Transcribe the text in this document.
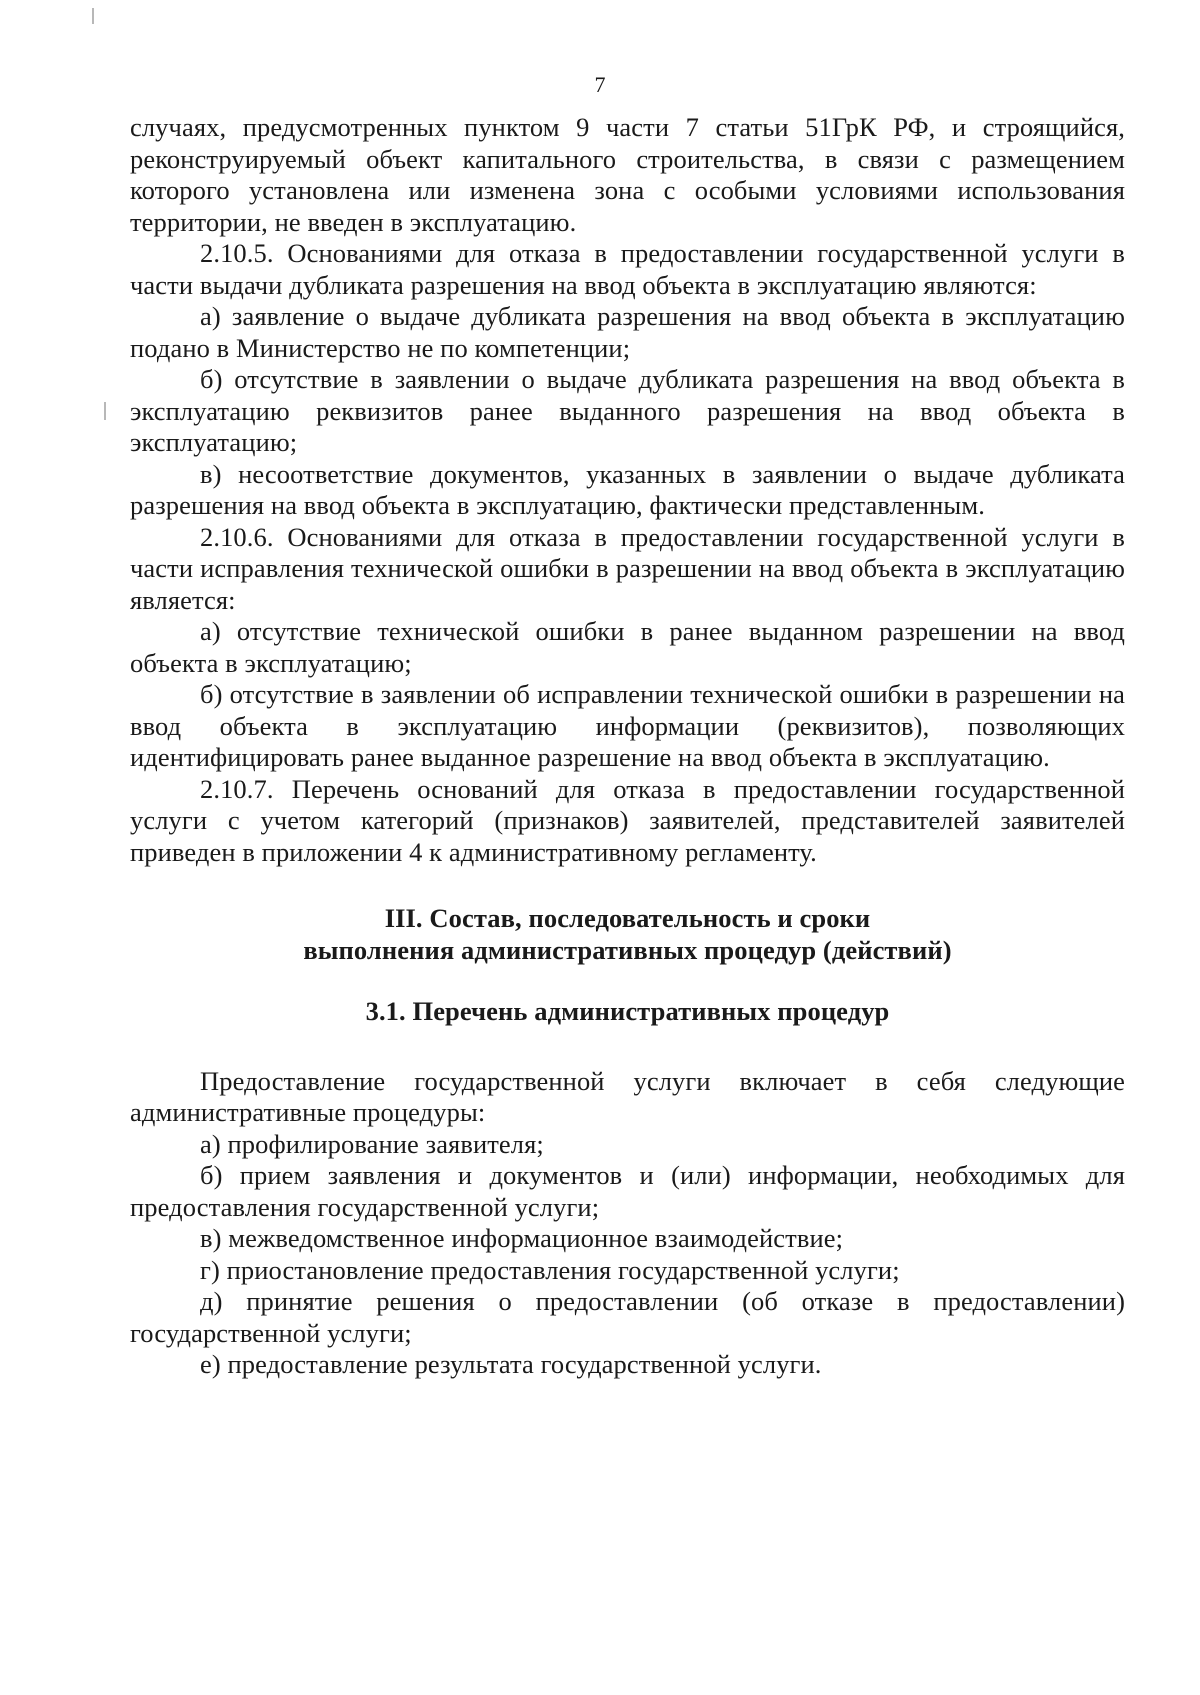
7

случаях, предусмотренных пунктом 9 части 7 статьи 51ГрК РФ, и строящийся, реконструируемый объект капитального строительства, в связи с размещением которого установлена или изменена зона с особыми условиями использования территории, не введен в эксплуатацию.

2.10.5. Основаниями для отказа в предоставлении государственной услуги в части выдачи дубликата разрешения на ввод объекта в эксплуатацию являются:

а) заявление о выдаче дубликата разрешения на ввод объекта в эксплуатацию подано в Министерство не по компетенции;

б) отсутствие в заявлении о выдаче дубликата разрешения на ввод объекта в эксплуатацию реквизитов ранее выданного разрешения на ввод объекта в эксплуатацию;

в) несоответствие документов, указанных в заявлении о выдаче дубликата разрешения на ввод объекта в эксплуатацию, фактически представленным.

2.10.6. Основаниями для отказа в предоставлении государственной услуги в части исправления технической ошибки в разрешении на ввод объекта в эксплуатацию является:

а) отсутствие технической ошибки в ранее выданном разрешении на ввод объекта в эксплуатацию;

б) отсутствие в заявлении об исправлении технической ошибки в разрешении на ввод объекта в эксплуатацию информации (реквизитов), позволяющих идентифицировать ранее выданное разрешение на ввод объекта в эксплуатацию.

2.10.7. Перечень оснований для отказа в предоставлении государственной услуги с учетом категорий (признаков) заявителей, представителей заявителей приведен в приложении 4 к административному регламенту.

III. Состав, последовательность и сроки
выполнения административных процедур (действий)

3.1. Перечень административных процедур

Предоставление государственной услуги включает в себя следующие административные процедуры:

а) профилирование заявителя;

б) прием заявления и документов и (или) информации, необходимых для предоставления государственной услуги;

в) межведомственное информационное взаимодействие;

г) приостановление предоставления государственной услуги;

д) принятие решения о предоставлении (об отказе в предоставлении) государственной услуги;

е) предоставление результата государственной услуги.
